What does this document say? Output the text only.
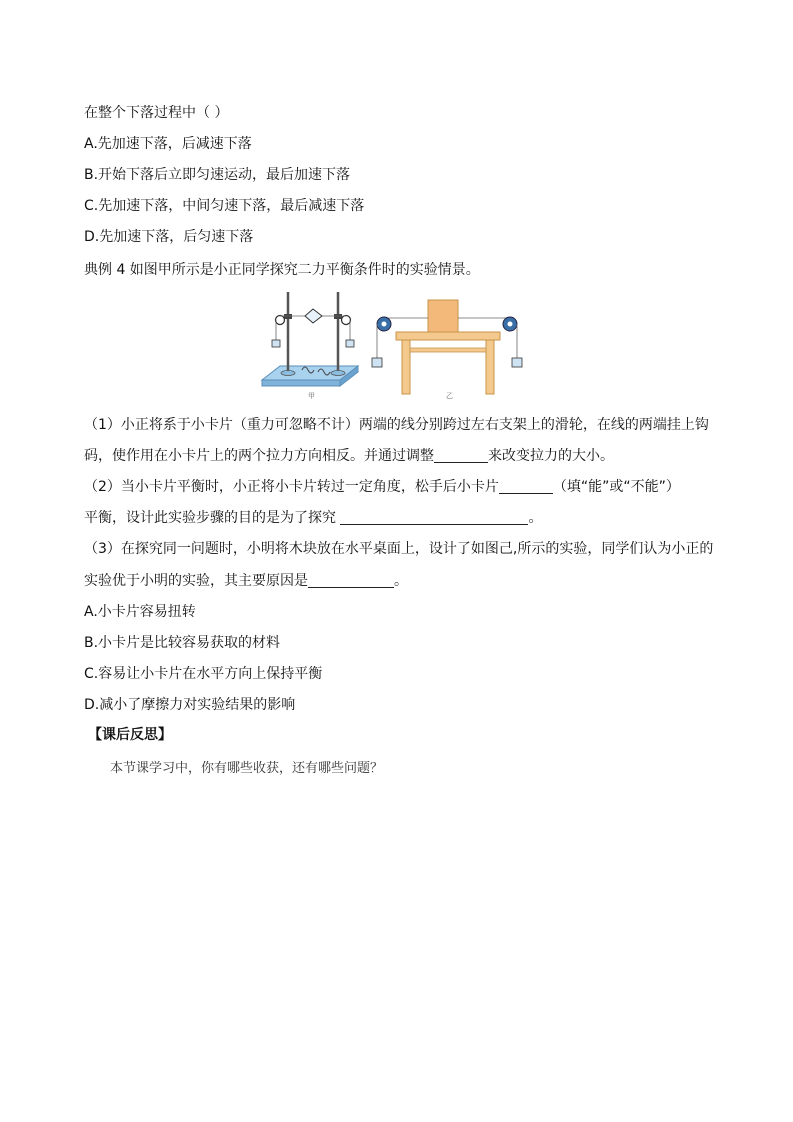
在整个下落过程中（ ）
A.先加速下落，后减速下落
B.开始下落后立即匀速运动，最后加速下落
C.先加速下落，中间匀速下落，最后减速下落
D.先加速下落，后匀速下落
典例 4 如图甲所示是小正同学探究二力平衡条件时的实验情景。
甲	乙
（1）小正将系于小卡片（重力可忽略不计）两端的线分别跨过左右支架上的滑轮，在线的两端挂上钩
码，使作用在小卡片上的两个拉力方向相反。并通过调整	来改变拉力的大小。
（2）当小卡片平衡时，小正将小卡片转过一定角度，松手后小卡片	（填“能”或“不能”）
平衡，设计此实验步骤的目的是为了探究	。
（3）在探究同一问题时，小明将木块放在水平桌面上，设计了如图己,所示的实验，同学们认为小正的
实验优于小明的实验，其主要原因是	。
A.小卡片容易扭转
B.小卡片是比较容易获取的材料
C.容易让小卡片在水平方向上保持平衡
D.减小了摩擦力对实验结果的影响
【课后反思】
本节课学习中，你有哪些收获，还有哪些问题？
